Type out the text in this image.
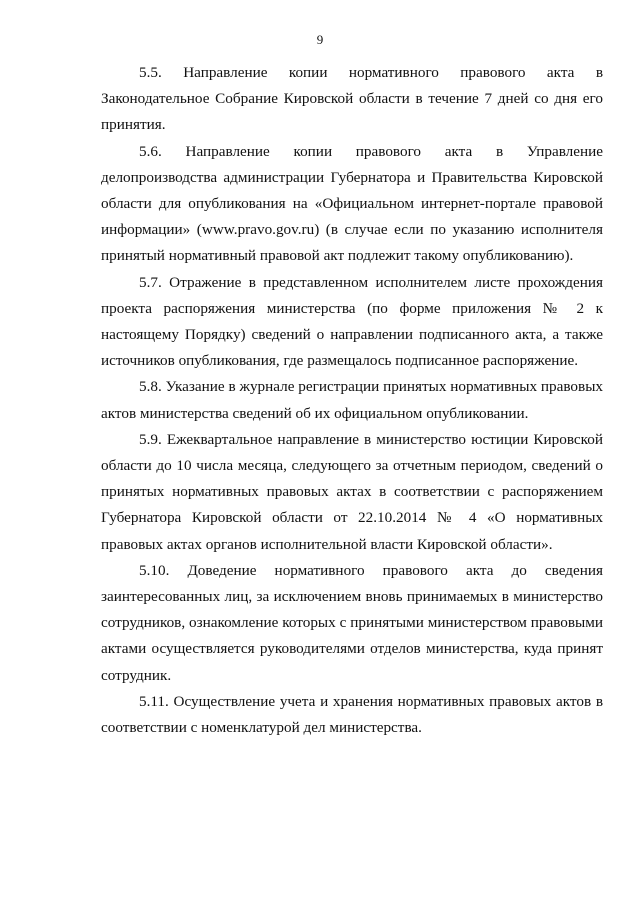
9

5.5. Направление копии нормативного правового акта в Законодательное Собрание Кировской области в течение 7 дней со дня его принятия.

5.6. Направление копии правового акта в Управление делопроизводства администрации Губернатора и Правительства Кировской области для опубликования на «Официальном интернет-портале правовой информации» (www.pravo.gov.ru) (в случае если по указанию исполнителя принятый нормативный правовой акт подлежит такому опубликованию).

5.7. Отражение в представленном исполнителем листе прохождения проекта распоряжения министерства (по форме приложения № 2 к настоящему Порядку) сведений о направлении подписанного акта, а также источников опубликования, где размещалось подписанное распоряжение.

5.8. Указание в журнале регистрации принятых нормативных правовых актов министерства сведений об их официальном опубликовании.

5.9. Ежеквартальное направление в министерство юстиции Кировской области до 10 числа месяца, следующего за отчетным периодом, сведений о принятых нормативных правовых актах в соответствии с распоряжением Губернатора Кировской области от 22.10.2014 № 4 «О нормативных правовых актах органов исполнительной власти Кировской области».

5.10. Доведение нормативного правового акта до сведения заинтересованных лиц, за исключением вновь принимаемых в министерство сотрудников, ознакомление которых с принятыми министерством правовыми актами осуществляется руководителями отделов министерства, куда принят сотрудник.

5.11. Осуществление учета и хранения нормативных правовых актов в соответствии с номенклатурой дел министерства.
